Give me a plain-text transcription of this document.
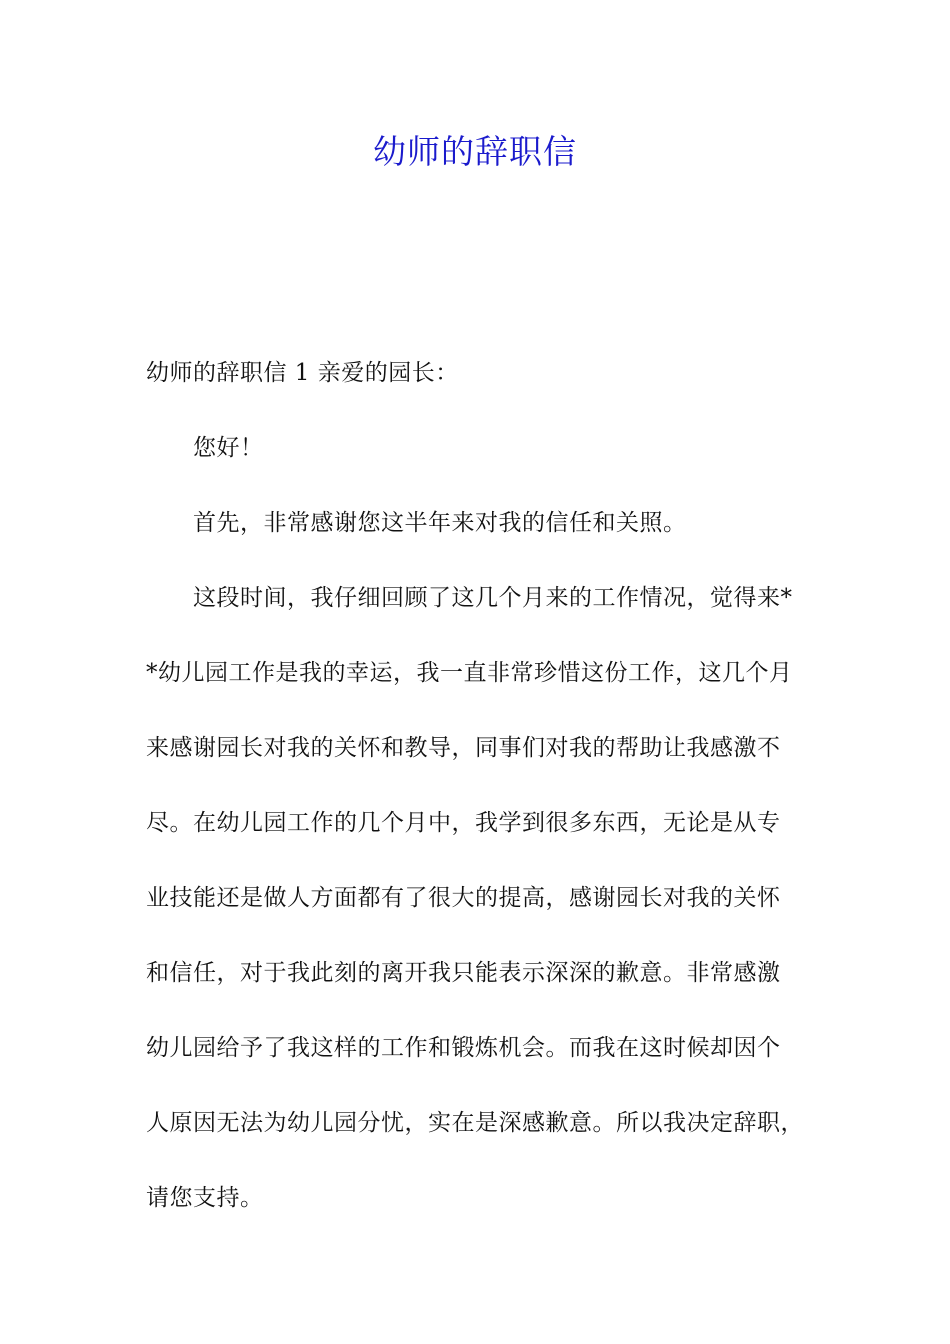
幼师的辞职信
幼师的辞职信 1 亲爱的园长：
您好！
首先，非常感谢您这半年来对我的信任和关照。
这段时间，我仔细回顾了这几个月来的工作情况，觉得来*
*幼儿园工作是我的幸运，我一直非常珍惜这份工作，这几个月
来感谢园长对我的关怀和教导，同事们对我的帮助让我感激不
尽。在幼儿园工作的几个月中，我学到很多东西，无论是从专
业技能还是做人方面都有了很大的提高，感谢园长对我的关怀
和信任，对于我此刻的离开我只能表示深深的歉意。非常感激
幼儿园给予了我这样的工作和锻炼机会。而我在这时候却因个
人原因无法为幼儿园分忧，实在是深感歉意。所以我决定辞职，
请您支持。
